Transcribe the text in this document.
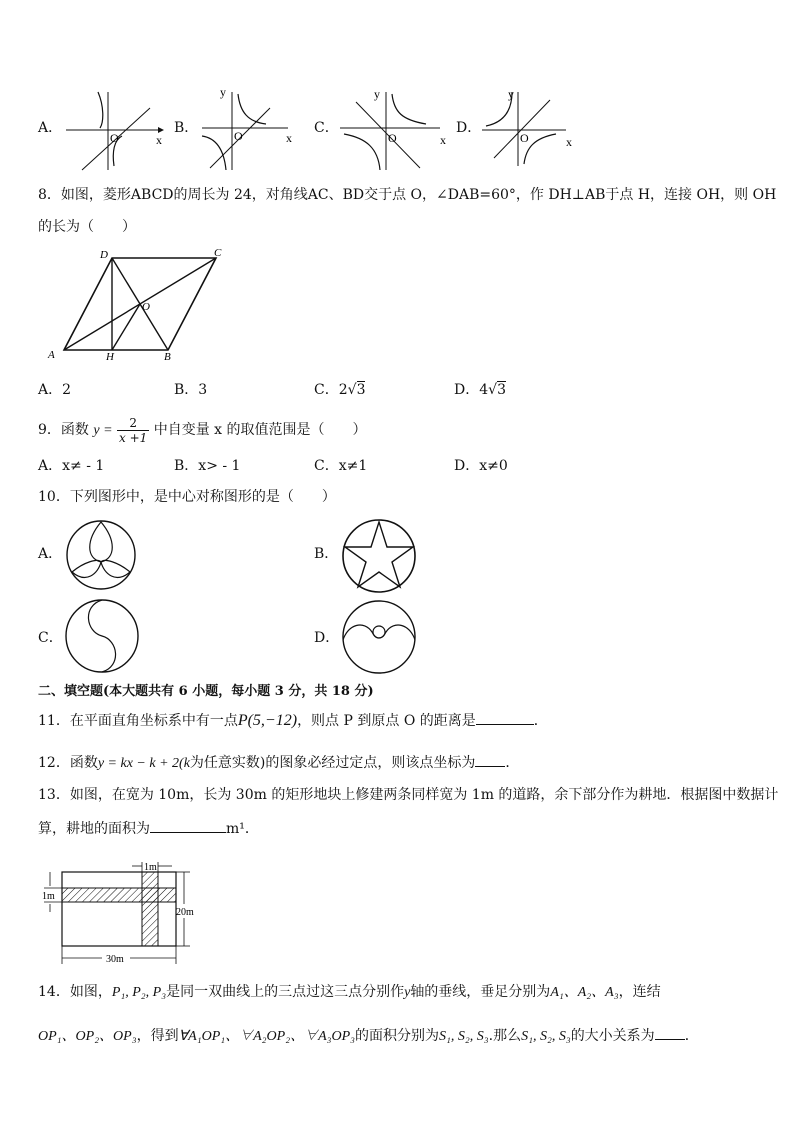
A．
O	x
B．
y
O	x
C．
y
O	x
D．
y
O	x
8．如图，菱形ABCD的周长为 24，对角线AC、BD交于点 O，∠DAB=60°，作 DH⊥AB于点 H，连接 OH，则 OH
的长为（　　）
A	H	B
C
D
O
A．2	B．3	C．2√3	D．4√3
9．函数 $y = \frac{2}{x +1}$ 中自变量 x 的取值范围是（　　）
A．x≠ - 1	B．x> - 1	C．x≠1	D．x≠0
10．下列图形中，是中心对称图形的是（　　）
A．	B．
C．	D．
二、填空题(本大题共有 6 小题，每小题 3 分，共 18 分)
11．在平面直角坐标系中有一点P(5,−12)，则点 P 到原点 O 的距离是	．
12．函数y = kx − k + 2(k为任意实数)的图象必经过定点，则该点坐标为 ．
13．如图，在宽为 10m，长为 30m 的矩形地块上修建两条同样宽为 1m 的道路，余下部分作为耕地．根据图中数据计
算，耕地的面积为	m¹．
1m
1m
20m
30m
14．如图，P₁, P₂, P₃是同一双曲线上的三点过这三点分别作y轴的垂线，垂足分别为A₁、A₂、A₃，连结
OP₁、OP₂、OP₃，得到∀A₁OP₁、∀A₂OP₂、∀A₃OP₃的面积分别为S₁, S₂, S₃.那么S₁, S₂, S₃的大小关系为 ．
